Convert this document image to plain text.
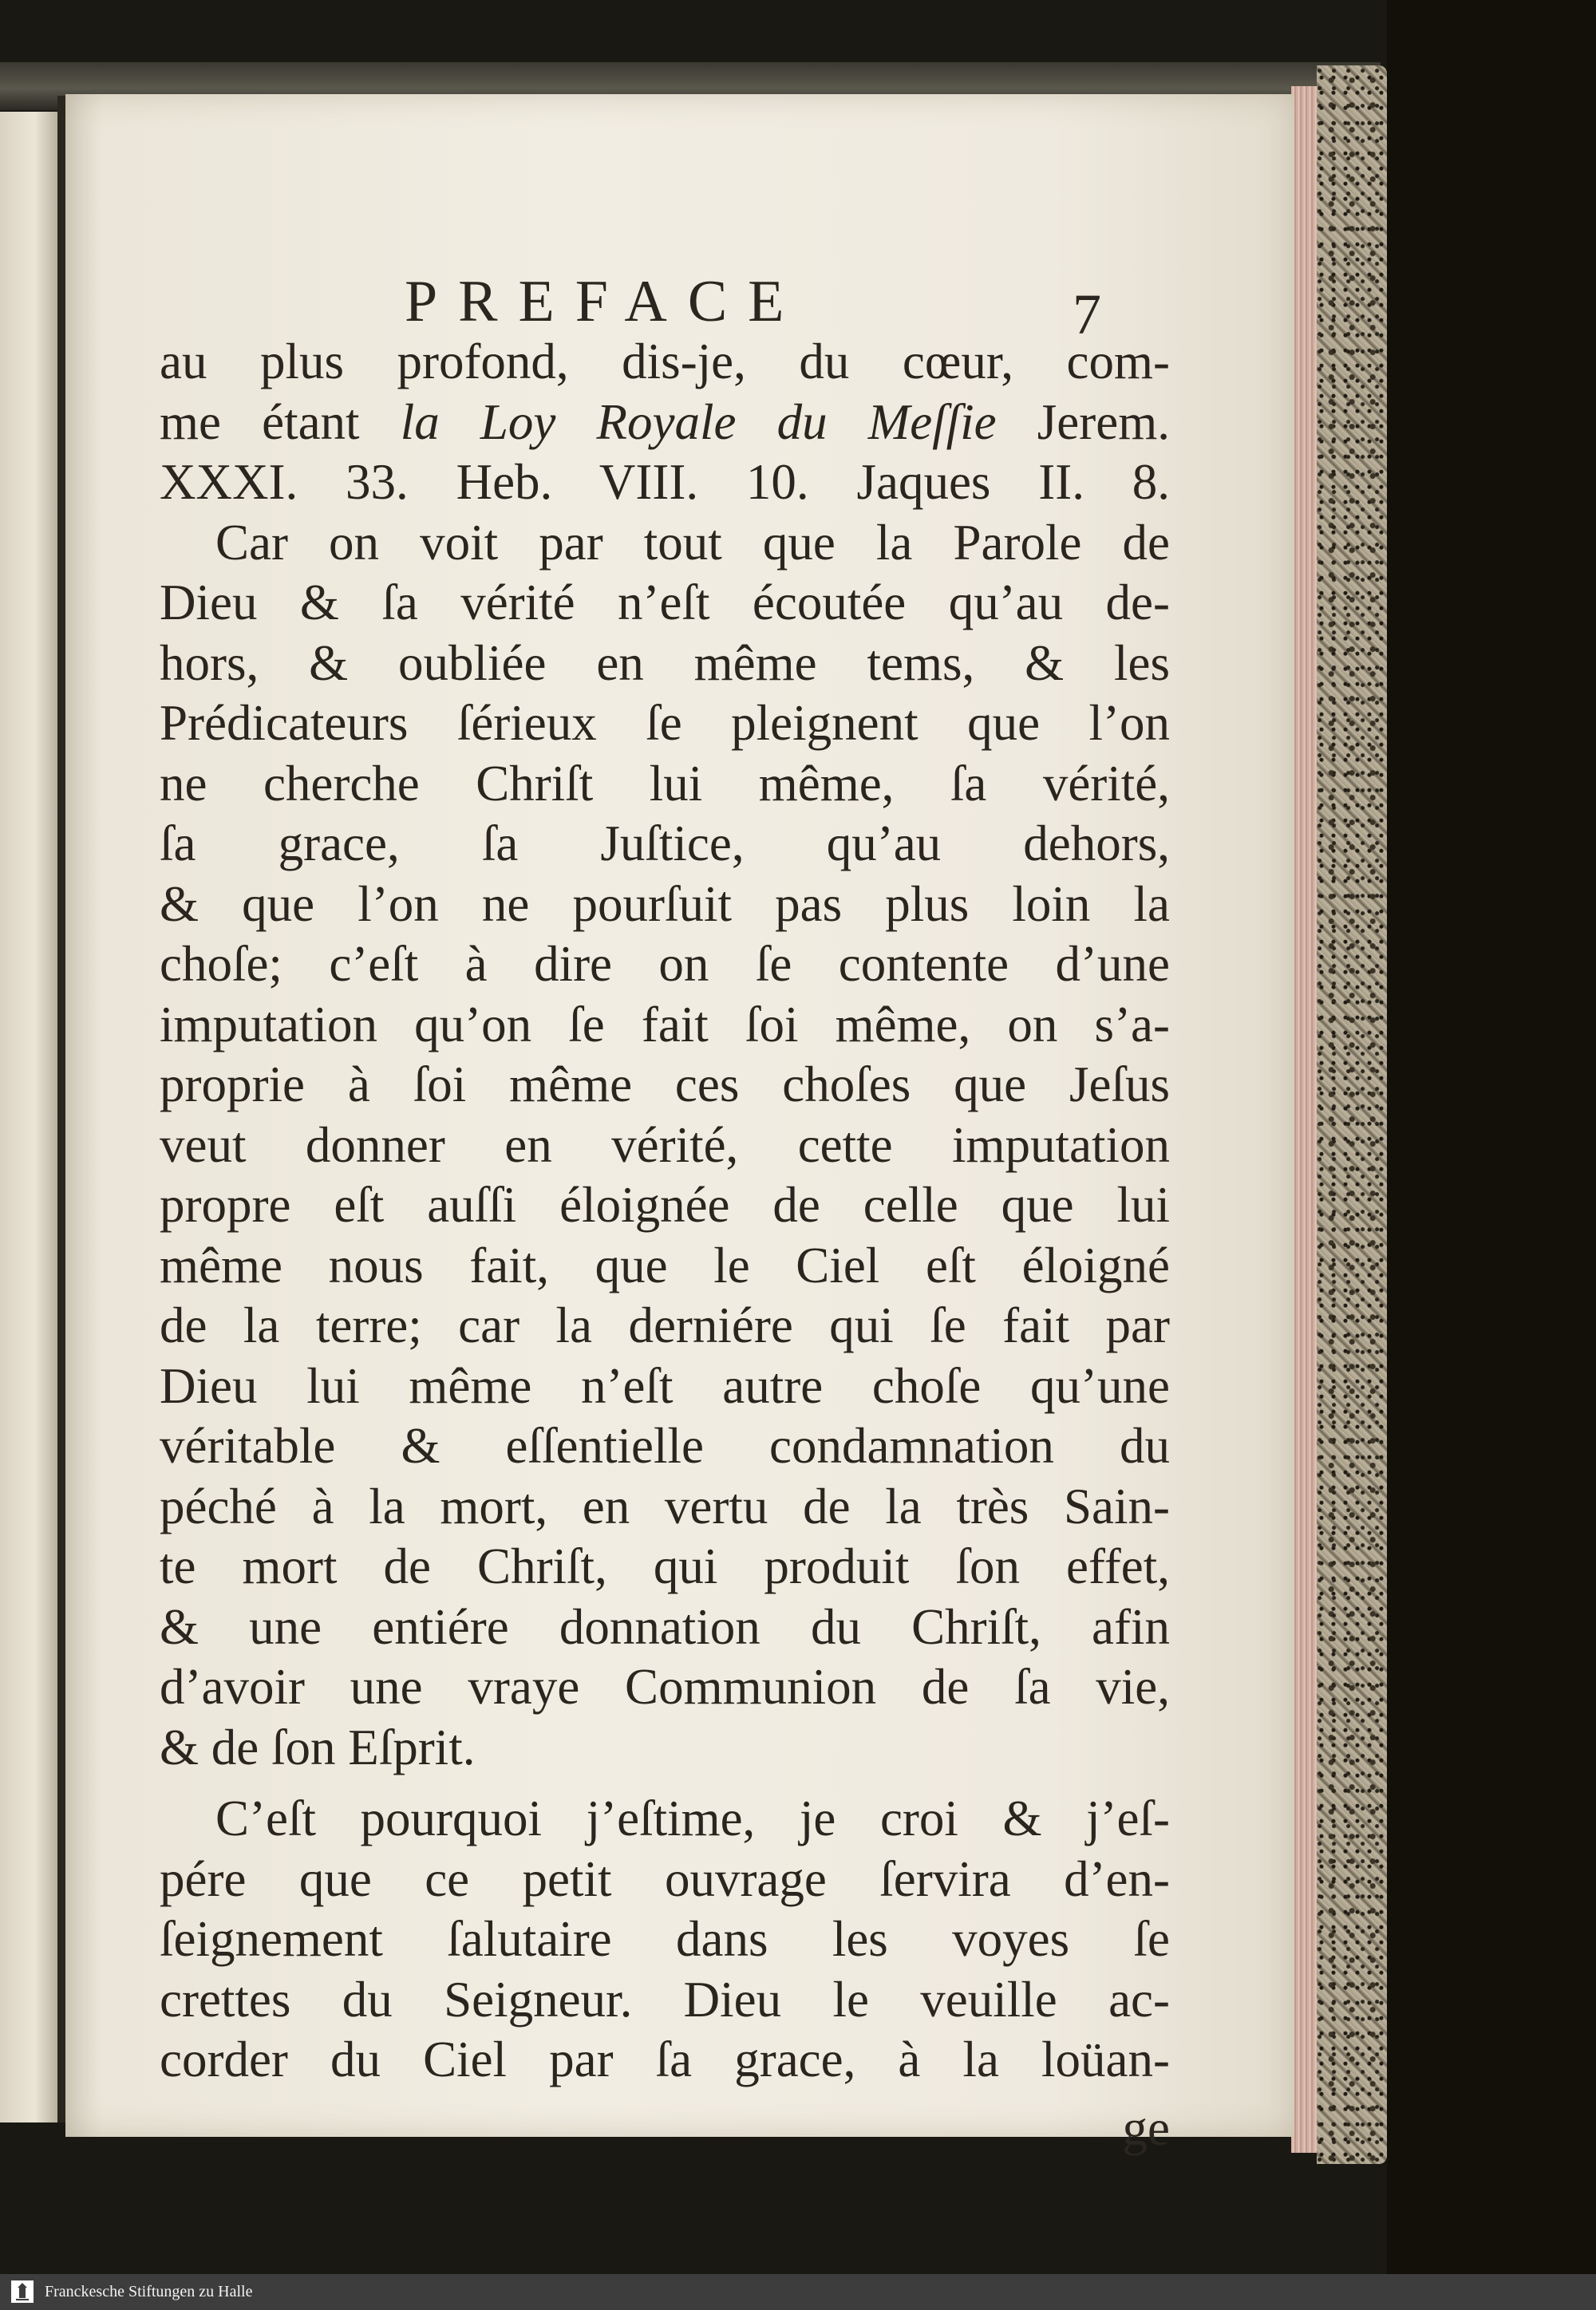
PREFACE	7
au plus profond, dis-je, du cœur, com-
me étant la Loy Royale du Meſſie Jerem.
XXXI. 33. Heb. VIII. 10. Jaques II. 8.
Car on voit par tout que la Parole de
Dieu & ſa vérité n’eſt écoutée qu’au de-
hors, & oubliée en même tems, & les
Prédicateurs ſérieux ſe pleignent que l’on
ne cherche Chriſt lui même, ſa vérité,
ſa grace, ſa Juſtice, qu’au dehors,
& que l’on ne pourſuit pas plus loin la
choſe; c’eſt à dire on ſe contente d’une
imputation qu’on ſe fait ſoi même, on s’a-
proprie à ſoi même ces choſes que Jeſus
veut donner en vérité, cette imputation
propre eſt auſſi éloignée de celle que lui
même nous fait, que le Ciel eſt éloigné
de la terre; car la derniére qui ſe fait par
Dieu lui même n’eſt autre choſe qu’une
véritable & eſſentielle condamnation du
péché à la mort, en vertu de la très Sain-
te mort de Chriſt, qui produit ſon effet,
& une entiére donnation du Chriſt, afin
d’avoir une vraye Communion de ſa vie,
& de ſon Eſprit.
C’eſt pourquoi j’eſtime, je croi & j’eſ-
pére que ce petit ouvrage ſervira d’en-
ſeignement ſalutaire dans les voyes ſe
crettes du Seigneur. Dieu le veuille ac-
corder du Ciel par ſa grace, à la loüan-
ge
Franckesche Stiftungen zu Halle
